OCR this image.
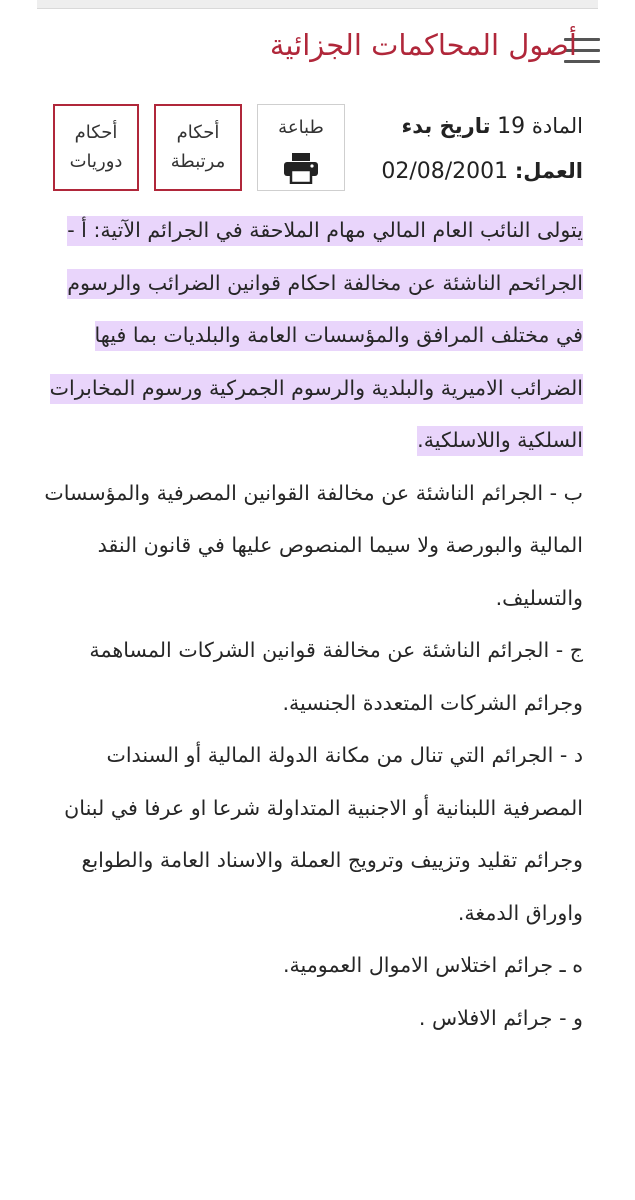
أصول المحاكمات الجزائية
المادة 19 تاريخ بدء العمل: 02/08/2001
طباعة
أحكام
مرتبطة
أحكام
دوريات
يتولى النائب العام المالي مهام الملاحقة في الجرائم الآتية: أ - الجرائحم الناشئة عن مخالفة احكام قوانين الضرائب والرسوم في مختلف المرافق والمؤسسات العامة والبلديات بما فيها الضرائب الاميرية والبلدية والرسوم الجمركية ورسوم المخابرات السلكية واللاسلكية.
ب - الجرائم الناشئة عن مخالفة القوانين المصرفية والمؤسسات المالية والبورصة ولا سيما المنصوص عليها في قانون النقد والتسليف.
ج - الجرائم الناشئة عن مخالفة قوانين الشركات المساهمة وجرائم الشركات المتعددة الجنسية.
د - الجرائم التي تنال من مكانة الدولة المالية أو السندات المصرفية اللبنانية أو الاجنبية المتداولة شرعا او عرفا في لبنان وجرائم تقليد وتزييف وترويج العملة والاسناد العامة والطوابع واوراق الدمغة.
ه ـ جرائم اختلاس الاموال العمومية.
و - جرائم الافلاس .
